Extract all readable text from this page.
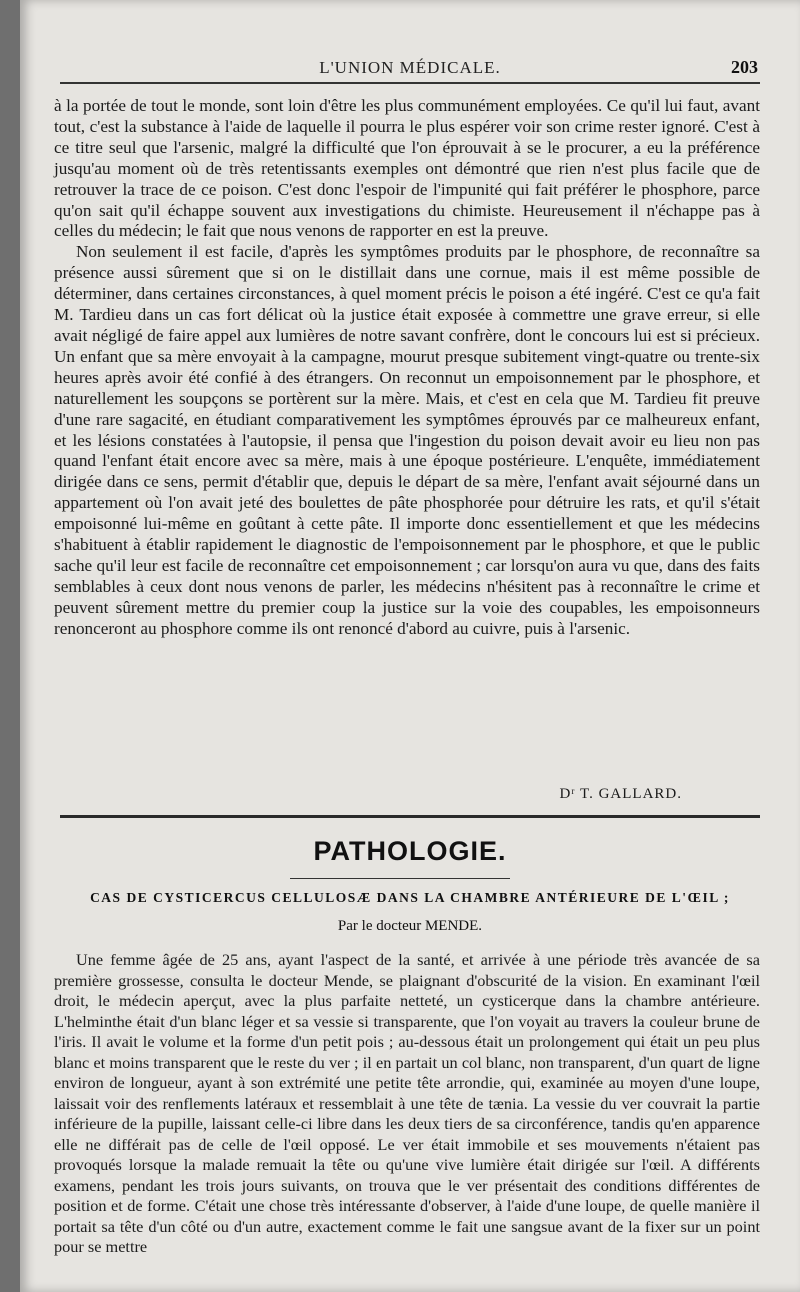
L'UNION MÉDICALE.	203

à la portée de tout le monde, sont loin d'être les plus communément employées. Ce qu'il lui faut, avant tout, c'est la substance à l'aide de laquelle il pourra le plus espérer voir son crime rester ignoré. C'est à ce titre seul que l'arsenic, malgré la difficulté que l'on éprouvait à se le procurer, a eu la préférence jusqu'au moment où de très retentissants exemples ont démontré que rien n'est plus facile que de retrouver la trace de ce poison. C'est donc l'espoir de l'impunité qui fait préférer le phosphore, parce qu'on sait qu'il échappe souvent aux investigations du chimiste. Heureusement il n'échappe pas à celles du médecin; le fait que nous venons de rapporter en est la preuve.

Non seulement il est facile, d'après les symptômes produits par le phosphore, de reconnaître sa présence aussi sûrement que si on le distillait dans une cornue, mais il est même possible de déterminer, dans certaines circonstances, à quel moment précis le poison a été ingéré. C'est ce qu'a fait M. Tardieu dans un cas fort délicat où la justice était exposée à commettre une grave erreur, si elle avait négligé de faire appel aux lumières de notre savant confrère, dont le concours lui est si précieux. Un enfant que sa mère envoyait à la campagne, mourut presque subitement vingt-quatre ou trente-six heures après avoir été confié à des étrangers. On reconnut un empoisonnement par le phosphore, et naturellement les soupçons se portèrent sur la mère. Mais, et c'est en cela que M. Tardieu fit preuve d'une rare sagacité, en étudiant comparativement les symptômes éprouvés par ce malheureux enfant, et les lésions constatées à l'autopsie, il pensa que l'ingestion du poison devait avoir eu lieu non pas quand l'enfant était encore avec sa mère, mais à une époque postérieure. L'enquête, immédiatement dirigée dans ce sens, permit d'établir que, depuis le départ de sa mère, l'enfant avait séjourné dans un appartement où l'on avait jeté des boulettes de pâte phosphorée pour détruire les rats, et qu'il s'était empoisonné lui-même en goûtant à cette pâte. Il importe donc essentiellement et que les médecins s'habituent à établir rapidement le diagnostic de l'empoisonnement par le phosphore, et que le public sache qu'il leur est facile de reconnaître cet empoisonnement ; car lorsqu'on aura vu que, dans des faits semblables à ceux dont nous venons de parler, les médecins n'hésitent pas à reconnaître le crime et peuvent sûrement mettre du premier coup la justice sur la voie des coupables, les empoisonneurs renonceront au phosphore comme ils ont renoncé d'abord au cuivre, puis à l'arsenic.

Dʳ T. GALLARD.
PATHOLOGIE.
CAS DE CYSTICERCUS CELLULOSÆ DANS LA CHAMBRE ANTÉRIEURE DE L'ŒIL ;
Par le docteur MENDE.

Une femme âgée de 25 ans, ayant l'aspect de la santé, et arrivée à une période très avancée de sa première grossesse, consulta le docteur Mende, se plaignant d'obscurité de la vision. En examinant l'œil droit, le médecin aperçut, avec la plus parfaite netteté, un cysticerque dans la chambre antérieure. L'helminthe était d'un blanc léger et sa vessie si transparente, que l'on voyait au travers la couleur brune de l'iris. Il avait le volume et la forme d'un petit pois ; au-dessous était un prolongement qui était un peu plus blanc et moins transparent que le reste du ver ; il en partait un col blanc, non transparent, d'un quart de ligne environ de longueur, ayant à son extrémité une petite tête arrondie, qui, examinée au moyen d'une loupe, laissait voir des renflements latéraux et ressemblait à une tête de tænia. La vessie du ver couvrait la partie inférieure de la pupille, laissant celle-ci libre dans les deux tiers de sa circonférence, tandis qu'en apparence elle ne différait pas de celle de l'œil opposé. Le ver était immobile et ses mouvements n'étaient pas provoqués lorsque la malade remuait la tête ou qu'une vive lumière était dirigée sur l'œil. A différents examens, pendant les trois jours suivants, on trouva que le ver présentait des conditions différentes de position et de forme. C'était une chose très intéressante d'observer, à l'aide d'une loupe, de quelle manière il portait sa tête d'un côté ou d'un autre, exactement comme le fait une sangsue avant de la fixer sur un point pour se mettre
